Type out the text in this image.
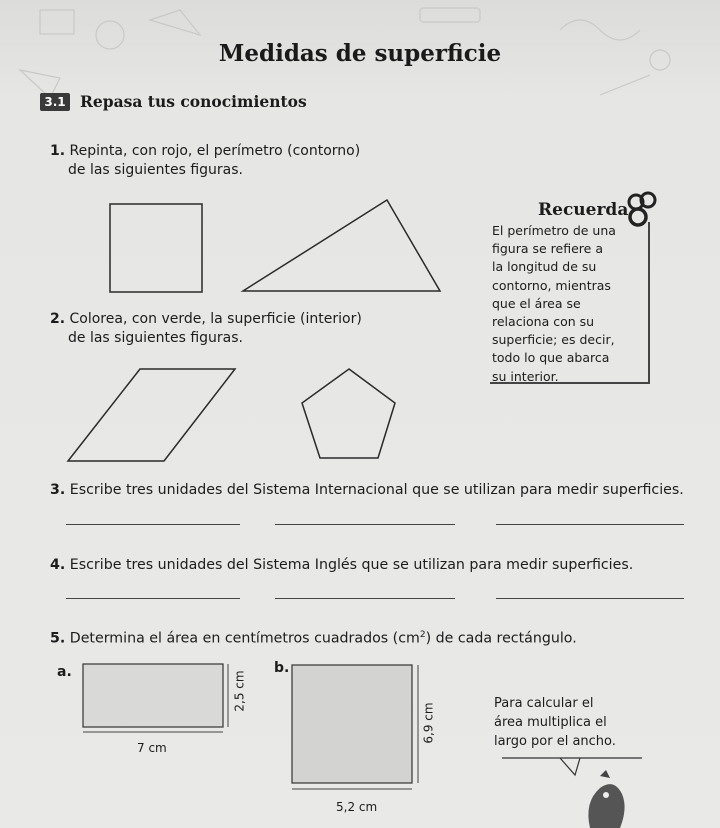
Medidas de superficie
3.1 Repasa tus conocimientos
1. Repinta, con rojo, el perímetro (contorno)
de las siguientes figuras.
Recuerda
El perímetro de una
figura se refiere a
la longitud de su
contorno, mientras
que el área se
relaciona con su
superficie; es decir,
todo lo que abarca
su interior.
2. Colorea, con verde, la superficie (interior)
de las siguientes figuras.
3. Escribe tres unidades del Sistema Internacional que se utilizan para medir superficies.
4. Escribe tres unidades del Sistema Inglés que se utilizan para medir superficies.
5. Determina el área en centímetros cuadrados $(cm^2)$ de cada rectángulo.
a.
7 cm
2,5 cm
b.
5,2 cm
6,9 cm	Para calcular el
área multiplica el
largo por el ancho.
